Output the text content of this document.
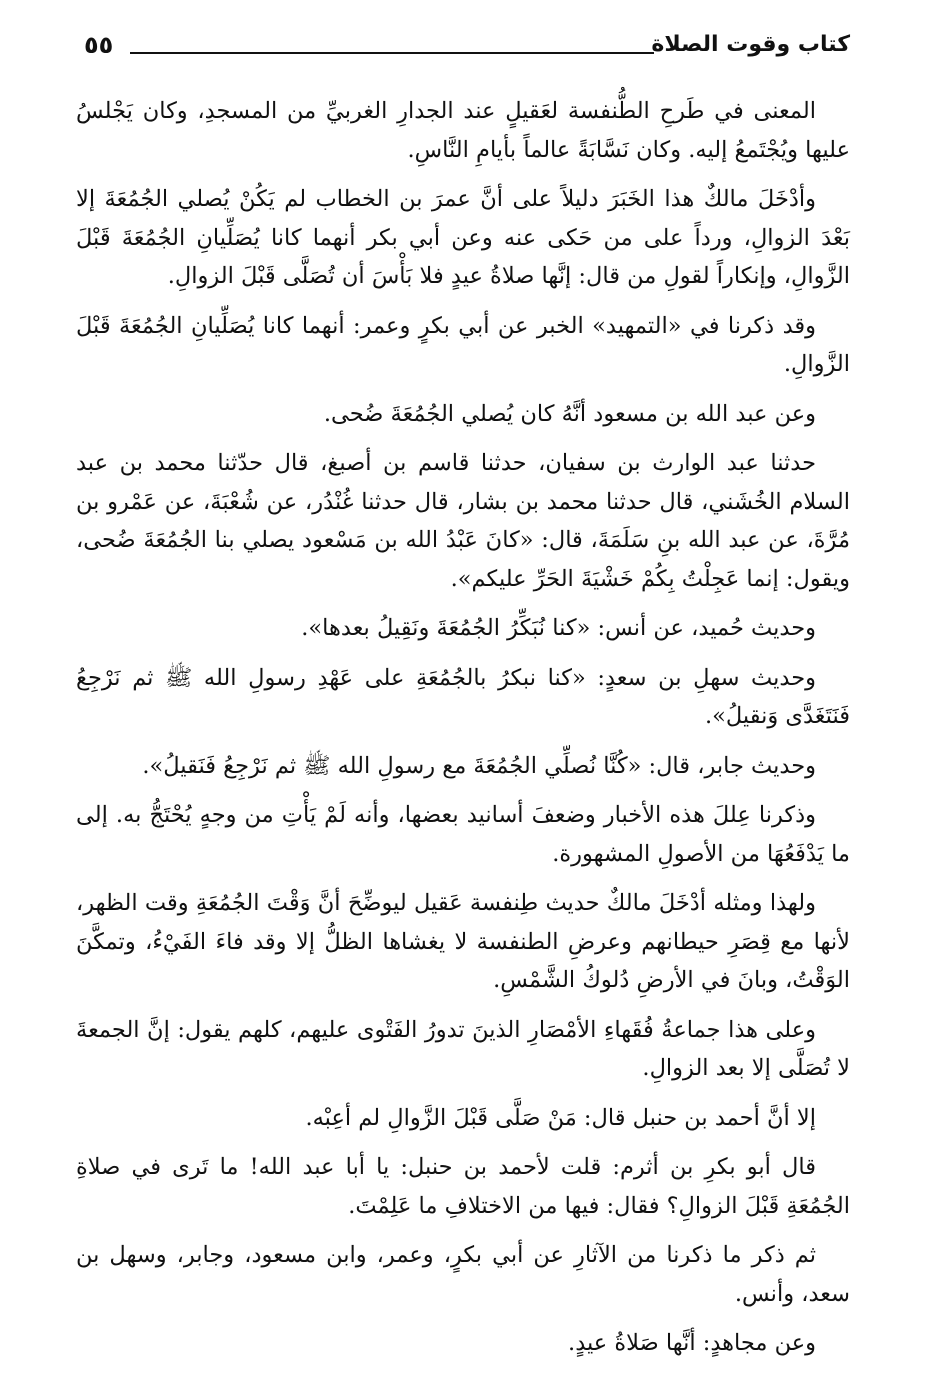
٥٥	كتاب وقوت الصلاة

المعنى في طَرحِ الطُّنفسة لعَقيلٍ عند الجدارِ الغربيِّ من المسجدِ، وكان يَجْلسُ عليها ويُجْتَمعُ إليه. وكان نَسَّابَةً عالماً بأيامِ النَّاسِ.

وأدْخَلَ مالكٌ هذا الخَبَرَ دليلاً على أنَّ عمرَ بن الخطاب لم يَكُنْ يُصلي الجُمُعَةَ إلا بَعْدَ الزوالِ، ورداً على من حَكى عنه وعن أبي بكر أنهما كانا يُصَلِّيانِ الجُمُعَةَ قَبْلَ الزَّوالِ، وإنكاراً لقولِ من قال: إنَّها صلاةُ عيدٍ فلا بَأْسَ أن تُصَلَّى قَبْلَ الزوالِ.

وقد ذكرنا في «التمهيد» الخبر عن أبي بكرٍ وعمر: أنهما كانا يُصَلِّيانِ الجُمُعَةَ قَبْلَ الزَّوالِ.

وعن عبد الله بن مسعود أنَّهُ كان يُصلي الجُمُعَةَ ضُحى.

حدثنا عبد الوارث بن سفيان، حدثنا قاسم بن أصبغ، قال حدّثنا محمد بن عبد السلام الخُشَني، قال حدثنا محمد بن بشار، قال حدثنا غُنْدُر، عن شُعْبَةَ، عن عَمْرو بن مُرَّةَ، عن عبد الله بنِ سَلَمَةَ، قال: «كانَ عَبْدُ الله بن مَسْعود يصلي بنا الجُمُعَةَ ضُحى، ويقول: إنما عَجِلْتُ بِكُمْ خَشْيَةَ الحَرِّ عليكم».

وحديث حُميد، عن أنس: «كنا نُبَكِّرُ الجُمُعَةَ ونَقِيلُ بعدها».

وحديث سهلِ بن سعدٍ: «كنا نبكرُ بالجُمُعَةِ على عَهْدِ رسولِ الله ﷺ ثم نَرْجِعُ فَنَتَغَدَّى وَنقيلُ».

وحديث جابر، قال: «كُنَّا نُصلِّي الجُمُعَةَ مع رسولِ الله ﷺ ثم نَرْجِعُ فَنَقيلُ».

وذكرنا عِللَ هذه الأخبار وضعفَ أسانيد بعضها، وأنه لَمْ يَأْتِ من وجهٍ يُحْتَجُّ به. إلى ما يَدْفَعُهَا من الأصولِ المشهورة.

ولهذا ومثله أدْخَلَ مالكٌ حديث طِنفسة عَقيل ليوضِّحَ أنَّ وَقْتَ الجُمُعَةِ وقت الظهر، لأنها مع قِصَرِ حيطانهم وعرضِ الطنفسة لا يغشاها الظلُّ إلا وقد فاءَ الفَيْءُ، وتمكَّنَ الوَقْتُ، وبانَ في الأرضِ دُلوكُ الشَّمْسِ.

وعلى هذا جماعةُ فُقَهاءِ الأمْصَارِ الذينَ تدورُ الفَتْوى عليهم، كلهم يقول: إنَّ الجمعةَ لا تُصَلَّى إلا بعد الزوالِ.

إلا أنَّ أحمد بن حنبل قال: مَنْ صَلَّى قَبْلَ الزَّوالِ لم أعِبْه.

قال أبو بكرِ بن أثرم: قلت لأحمد بن حنبل: يا أبا عبد الله! ما تَرى في صلاةِ الجُمُعَةِ قَبْلَ الزوالِ؟ فقال: فيها من الاختلافِ ما عَلِمْتَ.

ثم ذكر ما ذكرنا من الآثارِ عن أبي بكرٍ، وعمر، وابن مسعود، وجابر، وسهل بن سعد، وأنس.

وعن مجاهدٍ: أنَّها صَلاةُ عيدٍ.
